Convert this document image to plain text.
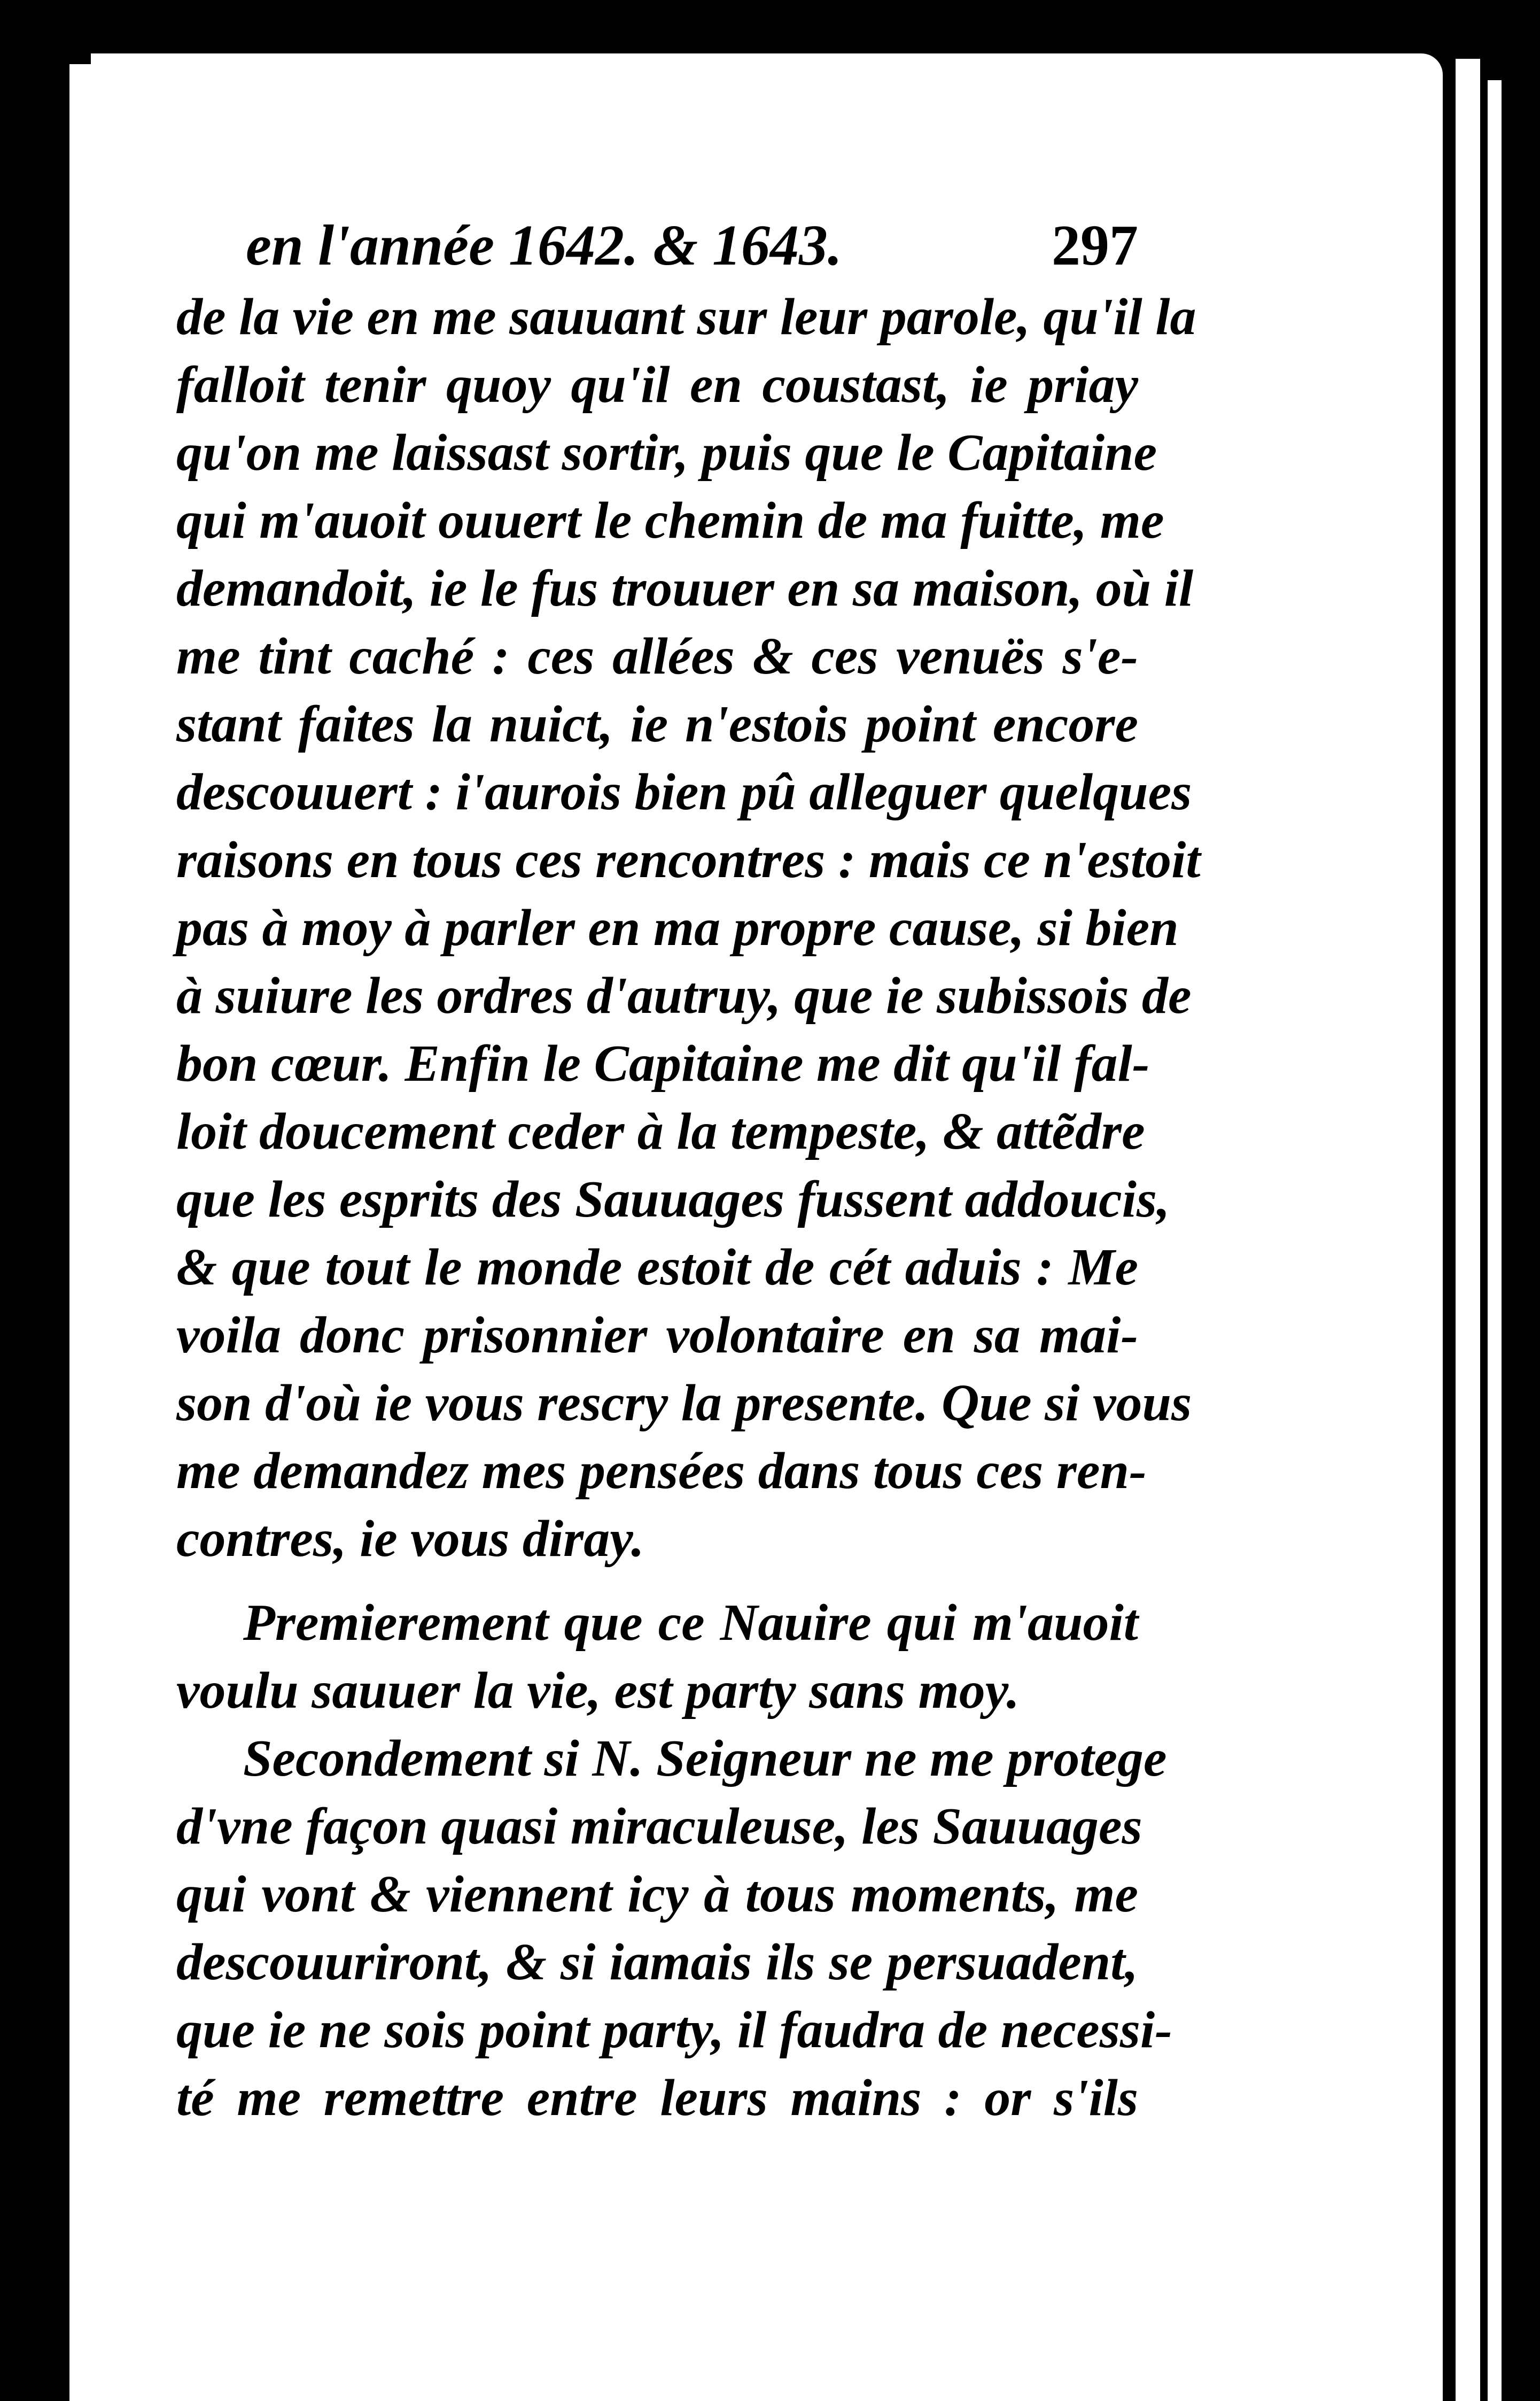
en l'année 1642. & 1643.	297
de la vie en me sauuant sur leur parole, qu'il la
falloit tenir quoy qu'il en coustast, ie priay
qu'on me laissast sortir, puis que le Capitaine
qui m'auoit ouuert le chemin de ma fuitte, me
demandoit, ie le fus trouuer en sa maison, où il
me tint caché : ces allées & ces venuës s'e-
stant faites la nuict, ie n'estois point encore
descouuert : i'aurois bien pû alleguer quelques
raisons en tous ces rencontres : mais ce n'estoit
pas à moy à parler en ma propre cause, si bien
à suiure les ordres d'autruy, que ie subissois de
bon cœur. Enfin le Capitaine me dit qu'il fal-
loit doucement ceder à la tempeste, & attẽdre
que les esprits des Sauuages fussent addoucis,
& que tout le monde estoit de cét aduis : Me
voila donc prisonnier volontaire en sa mai-
son d'où ie vous rescry la presente. Que si vous
me demandez mes pensées dans tous ces ren-
contres, ie vous diray.
Premierement que ce Nauire qui m'auoit
voulu sauuer la vie, est party sans moy.
Secondement si N. Seigneur ne me protege
d'vne façon quasi miraculeuse, les Sauuages
qui vont & viennent icy à tous moments, me
descouuriront, & si iamais ils se persuadent,
que ie ne sois point party, il faudra de necessi-
té me remettre entre leurs mains : or s'ils
